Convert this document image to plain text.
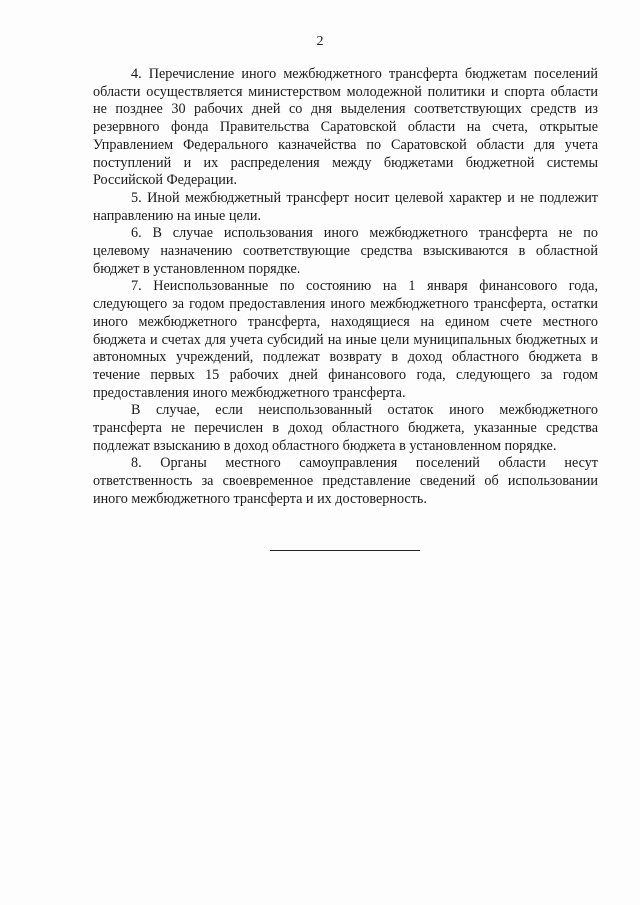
2

4. Перечисление иного межбюджетного трансферта бюджетам поселений области осуществляется министерством молодежной политики и спорта области не позднее 30 рабочих дней со дня выделения соответствующих средств из резервного фонда Правительства Саратовской области на счета, открытые Управлением Федерального казначейства по Саратовской области для учета поступлений и их распределения между бюджетами бюджетной системы Российской Федерации.

5. Иной межбюджетный трансферт носит целевой характер и не подлежит направлению на иные цели.

6. В случае использования иного межбюджетного трансферта не по целевому назначению соответствующие средства взыскиваются в областной бюджет в установленном порядке.

7. Неиспользованные по состоянию на 1 января финансового года, следующего за годом предоставления иного межбюджетного трансферта, остатки иного межбюджетного трансферта, находящиеся на едином счете местного бюджета и счетах для учета субсидий на иные цели муниципальных бюджетных и автономных учреждений, подлежат возврату в доход областного бюджета в течение первых 15 рабочих дней финансового года, следующего за годом предоставления иного межбюджетного трансферта.

В случае, если неиспользованный остаток иного межбюджетного трансферта не перечислен в доход областного бюджета, указанные средства подлежат взысканию в доход областного бюджета в установленном порядке.

8. Органы местного самоуправления поселений области несут ответственность за своевременное представление сведений об использовании иного межбюджетного трансферта и их достоверность.
